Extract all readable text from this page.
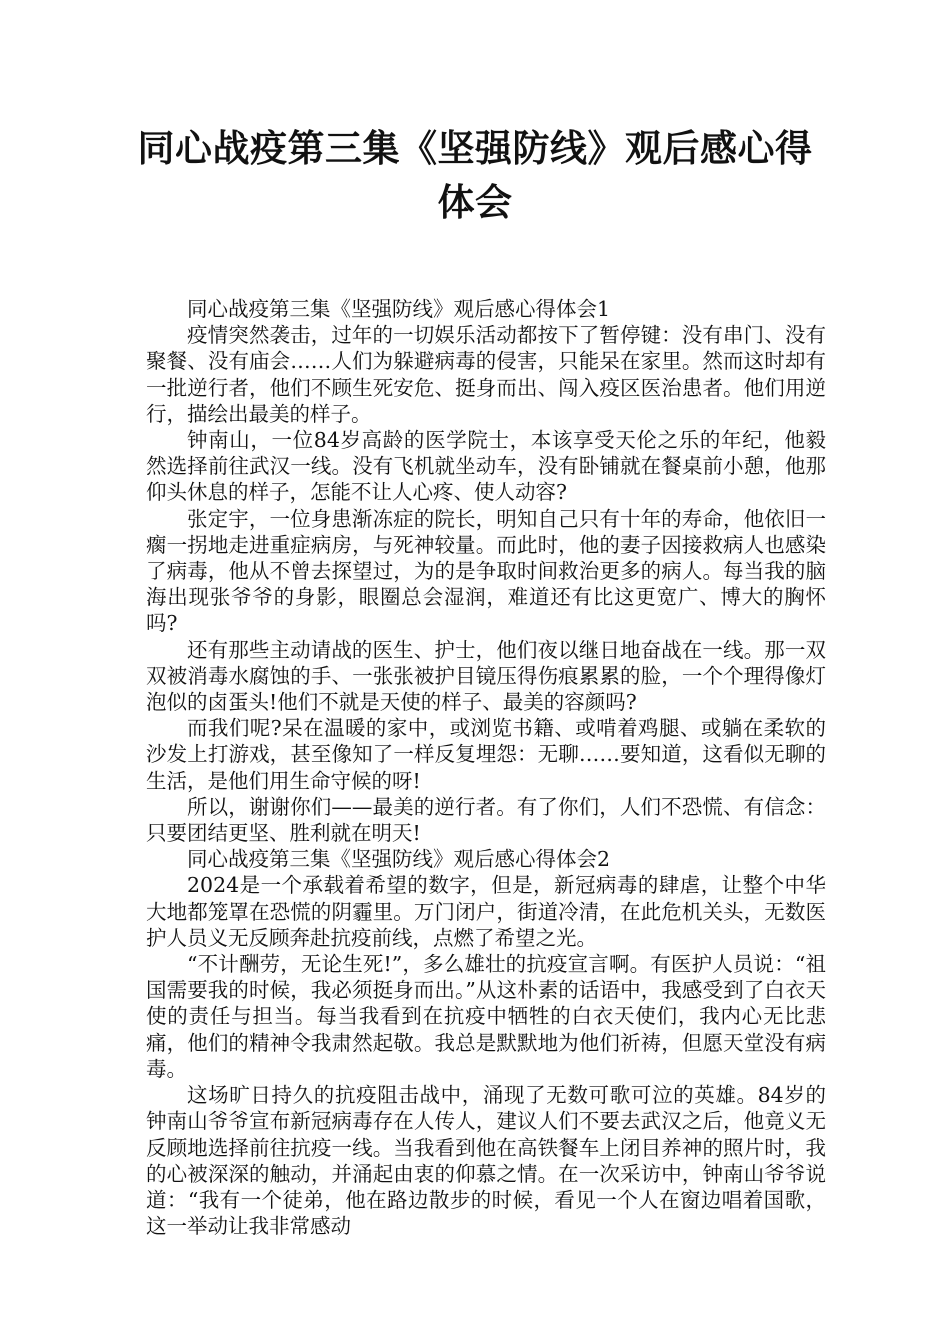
同心战疫第三集《坚强防线》观后感心得体会

同心战疫第三集《坚强防线》观后感心得体会1

疫情突然袭击，过年的一切娱乐活动都按下了暂停键：没有串门、没有聚餐、没有庙会……人们为躲避病毒的侵害，只能呆在家里。然而这时却有一批逆行者，他们不顾生死安危、挺身而出、闯入疫区医治患者。他们用逆行，描绘出最美的样子。

钟南山，一位84岁高龄的医学院士，本该享受天伦之乐的年纪，他毅然选择前往武汉一线。没有飞机就坐动车，没有卧铺就在餐桌前小憩，他那仰头休息的样子，怎能不让人心疼、使人动容?

张定宇，一位身患渐冻症的院长，明知自己只有十年的寿命，他依旧一瘸一拐地走进重症病房，与死神较量。而此时，他的妻子因接救病人也感染了病毒，他从不曾去探望过，为的是争取时间救治更多的病人。每当我的脑海出现张爷爷的身影，眼圈总会湿润，难道还有比这更宽广、博大的胸怀吗?

还有那些主动请战的医生、护士，他们夜以继日地奋战在一线。那一双双被消毒水腐蚀的手、一张张被护目镜压得伤痕累累的脸，一个个理得像灯泡似的卤蛋头!他们不就是天使的样子、最美的容颜吗?

而我们呢?呆在温暖的家中，或浏览书籍、或啃着鸡腿、或躺在柔软的沙发上打游戏，甚至像知了一样反复埋怨：无聊……要知道，这看似无聊的生活，是他们用生命守候的呀!

所以，谢谢你们——最美的逆行者。有了你们，人们不恐慌、有信念：只要团结更坚、胜利就在明天!

同心战疫第三集《坚强防线》观后感心得体会2

2024是一个承载着希望的数字，但是，新冠病毒的肆虐，让整个中华大地都笼罩在恐慌的阴霾里。万门闭户，街道冷清，在此危机关头，无数医护人员义无反顾奔赴抗疫前线，点燃了希望之光。

“不计酬劳，无论生死!”，多么雄壮的抗疫宣言啊。有医护人员说：“祖国需要我的时候，我必须挺身而出。”从这朴素的话语中，我感受到了白衣天使的责任与担当。每当我看到在抗疫中牺牲的白衣天使们，我内心无比悲痛，他们的精神令我肃然起敬。我总是默默地为他们祈祷，但愿天堂没有病毒。

这场旷日持久的抗疫阻击战中，涌现了无数可歌可泣的英雄。84岁的钟南山爷爷宣布新冠病毒存在人传人，建议人们不要去武汉之后，他竟义无反顾地选择前往抗疫一线。当我看到他在高铁餐车上闭目养神的照片时，我的心被深深的触动，并涌起由衷的仰慕之情。在一次采访中，钟南山爷爷说道：“我有一个徒弟，他在路边散步的时候，看见一个人在窗边唱着国歌，这一举动让我非常感动
